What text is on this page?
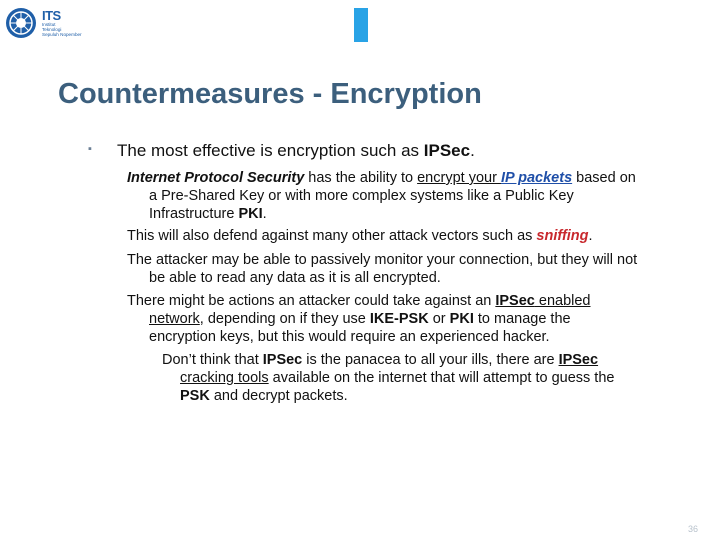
ITS
Institut
Teknologi
Sepuluh Nopember
Countermeasures - Encryption
▪ The most effective is encryption such as IPSec.
Internet Protocol Security has the ability to encrypt your IP packets based on
a Pre-Shared Key or with more complex systems like a Public Key
Infrastructure PKI.
This will also defend against many other attack vectors such as sniffing.
The attacker may be able to passively monitor your connection, but they will not
be able to read any data as it is all encrypted.
There might be actions an attacker could take against an IPSec enabled
network, depending on if they use IKE-PSK or PKI to manage the
encryption keys, but this would require an experienced hacker.
Don’t think that IPSec is the panacea to all your ills, there are IPSec
cracking tools available on the internet that will attempt to guess the
PSK and decrypt packets.
36
